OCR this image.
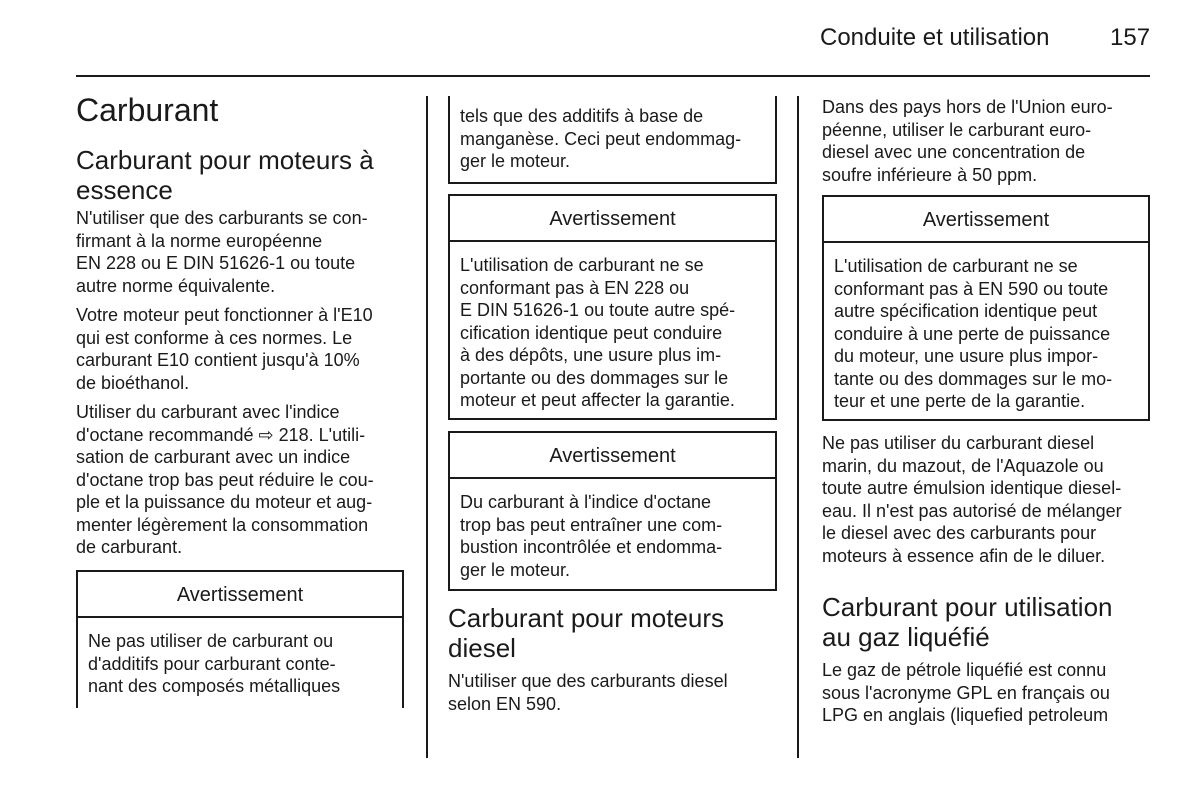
Conduite et utilisation	157
Carburant
Carburant pour moteurs à
essence
N'utiliser que des carburants se con-
firmant à la norme européenne
EN 228 ou E DIN 51626-1 ou toute
autre norme équivalente.
Votre moteur peut fonctionner à l'E10
qui est conforme à ces normes. Le
carburant E10 contient jusqu'à 10%
de bioéthanol.
Utiliser du carburant avec l'indice
d'octane recommandé ⇨ 218. L'utili-
sation de carburant avec un indice
d'octane trop bas peut réduire le cou-
ple et la puissance du moteur et aug-
menter légèrement la consommation
de carburant.
Avertissement
Ne pas utiliser de carburant ou
d'additifs pour carburant conte-
nant des composés métalliques
tels que des additifs à base de
manganèse. Ceci peut endommag-
ger le moteur.
Avertissement
L'utilisation de carburant ne se
conformant pas à EN 228 ou
E DIN 51626-1 ou toute autre spé-
cification identique peut conduire
à des dépôts, une usure plus im-
portante ou des dommages sur le
moteur et peut affecter la garantie.
Avertissement
Du carburant à l'indice d'octane
trop bas peut entraîner une com-
bustion incontrôlée et endomma-
ger le moteur.
Carburant pour moteurs
diesel
N'utiliser que des carburants diesel
selon EN 590.
Dans des pays hors de l'Union euro-
péenne, utiliser le carburant euro-
diesel avec une concentration de
soufre inférieure à 50 ppm.
Avertissement
L'utilisation de carburant ne se
conformant pas à EN 590 ou toute
autre spécification identique peut
conduire à une perte de puissance
du moteur, une usure plus impor-
tante ou des dommages sur le mo-
teur et une perte de la garantie.
Ne pas utiliser du carburant diesel
marin, du mazout, de l'Aquazole ou
toute autre émulsion identique diesel-
eau. Il n'est pas autorisé de mélanger
le diesel avec des carburants pour
moteurs à essence afin de le diluer.
Carburant pour utilisation
au gaz liquéfié
Le gaz de pétrole liquéfié est connu
sous l'acronyme GPL en français ou
LPG en anglais (liquefied petroleum
